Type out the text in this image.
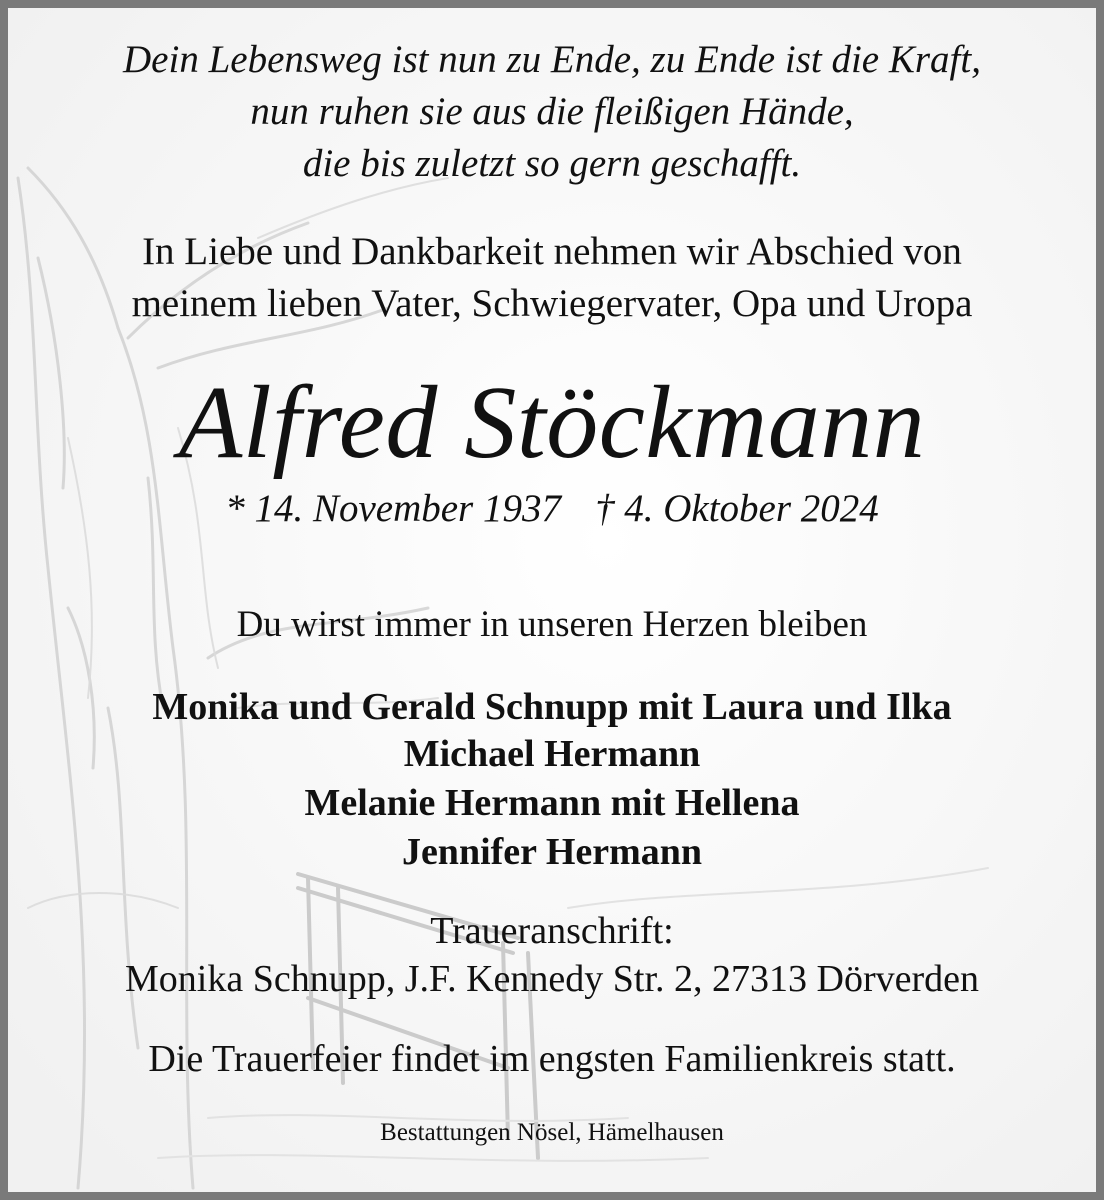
Dein Lebensweg ist nun zu Ende, zu Ende ist die Kraft,
nun ruhen sie aus die fleißigen Hände,
die bis zuletzt so gern geschafft.
In Liebe und Dankbarkeit nehmen wir Abschied von
meinem lieben Vater, Schwiegervater, Opa und Uropa
Alfred Stöckmann
* 14. November 1937 † 4. Oktober 2024
Du wirst immer in unseren Herzen bleiben
Monika und Gerald Schnupp mit Laura und Ilka
Michael Hermann
Melanie Hermann mit Hellena
Jennifer Hermann
Traueranschrift:
Monika Schnupp, J.F. Kennedy Str. 2, 27313 Dörverden
Die Trauerfeier findet im engsten Familienkreis statt.
Bestattungen Nösel, Hämelhausen
